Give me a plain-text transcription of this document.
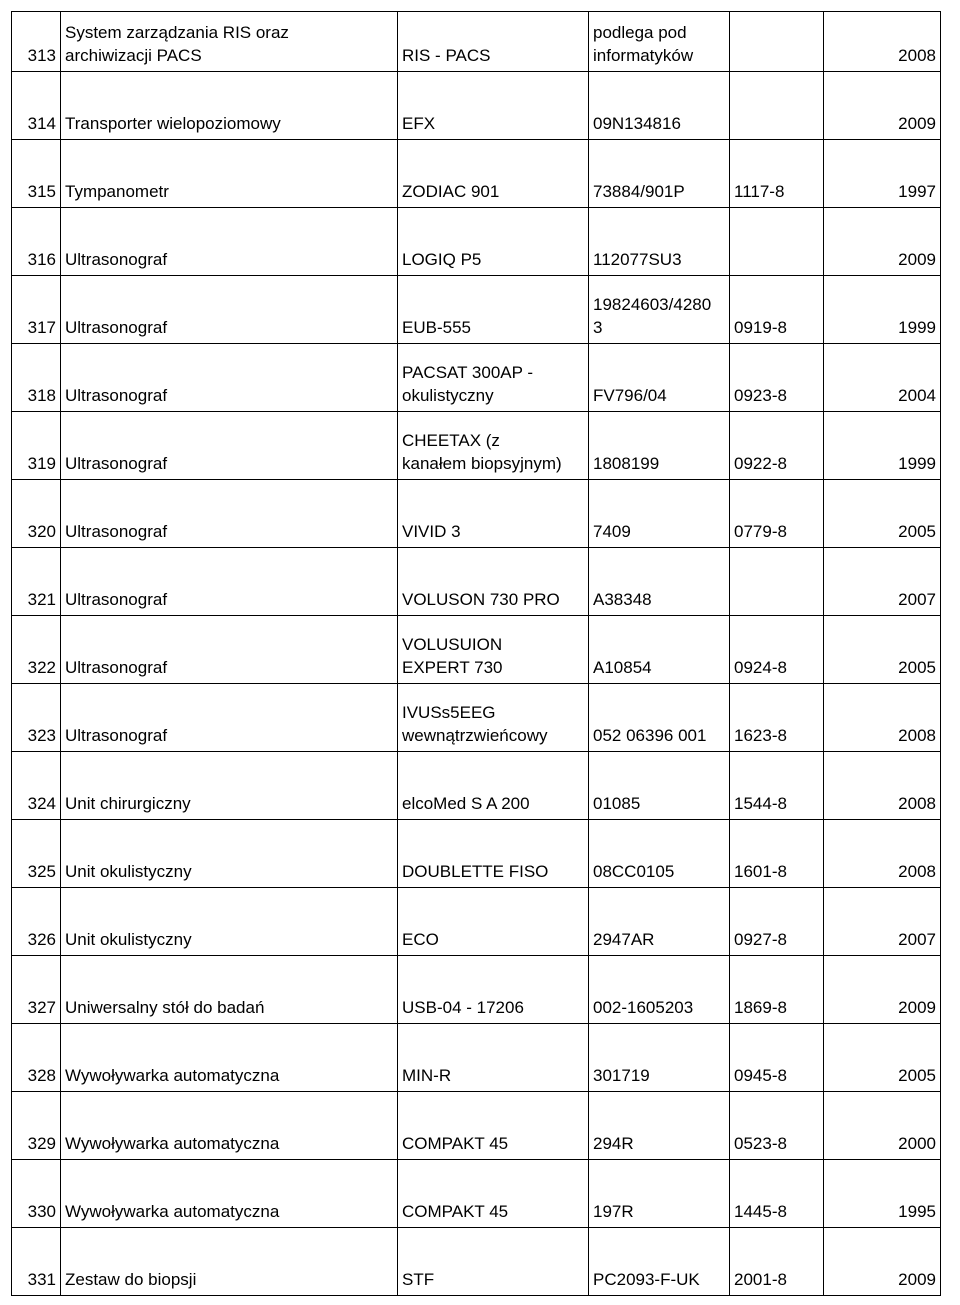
313	System zarządzania RIS oraz
archiwizacji PACS	RIS - PACS	podlega pod
informatyków		2008

314	Transporter wielopoziomowy	EFX	09N134816		2009

315	Tympanometr	ZODIAC 901	73884/901P	1117-8	1997

316	Ultrasonograf	LOGIQ P5	112077SU3		2009

317	Ultrasonograf	EUB-555	19824603/4280
3	0919-8	1999

318	Ultrasonograf	PACSAT 300AP -
okulistyczny	FV796/04	0923-8	2004

319	Ultrasonograf	CHEETAX (z
kanałem biopsyjnym)	1808199	0922-8	1999

320	Ultrasonograf	VIVID 3	7409	0779-8	2005

321	Ultrasonograf	VOLUSON 730 PRO	A38348		2007

322	Ultrasonograf	VOLUSUION
EXPERT 730	A10854	0924-8	2005

323	Ultrasonograf	IVUSs5EEG
wewnątrzwieńcowy	052 06396 001	1623-8	2008

324	Unit chirurgiczny	elcoMed S A 200	01085	1544-8	2008

325	Unit okulistyczny	DOUBLETTE FISO	08CC0105	1601-8	2008

326	Unit okulistyczny	ECO	2947AR	0927-8	2007

327	Uniwersalny stół do badań	USB-04 - 17206	002-1605203	1869-8	2009

328	Wywoływarka automatyczna	MIN-R	301719	0945-8	2005

329	Wywoływarka automatyczna	COMPAKT 45	294R	0523-8	2000

330	Wywoływarka automatyczna	COMPAKT 45	197R	1445-8	1995

331	Zestaw do biopsji	STF	PC2093-F-UK	2001-8	2009
